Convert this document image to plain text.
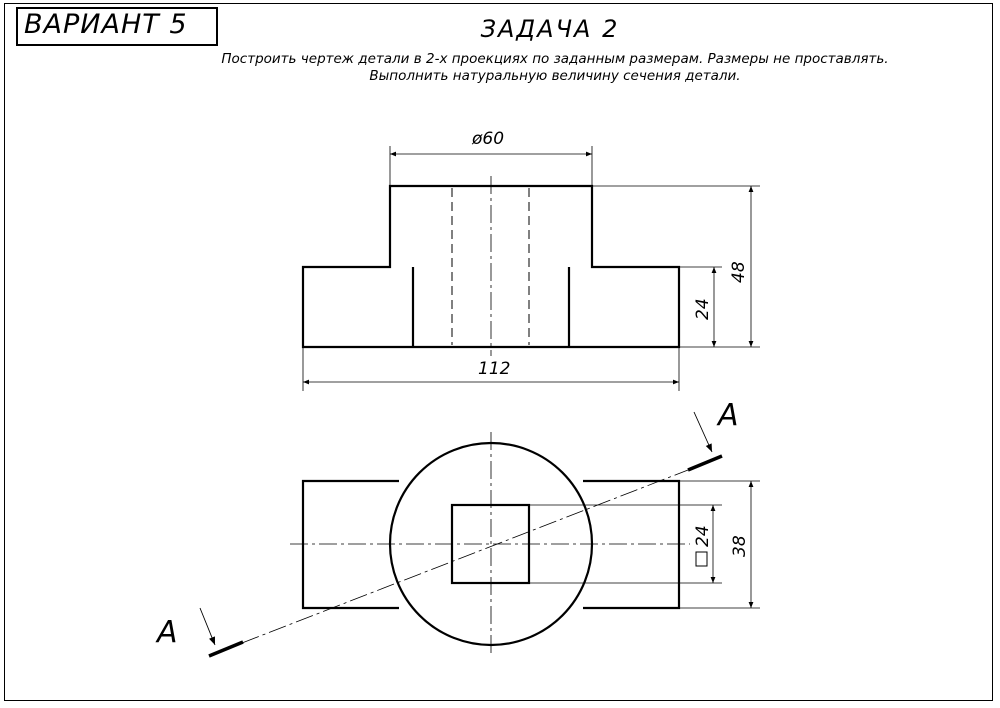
ВАРИАНТ 5	ЗАДАЧА 2
Построить чертеж детали в 2-х проекциях по заданным размерам. Размеры не проставлять.
Выполнить натуральную величину сечения детали.
ø60
48
24
112
24 38
A
A
